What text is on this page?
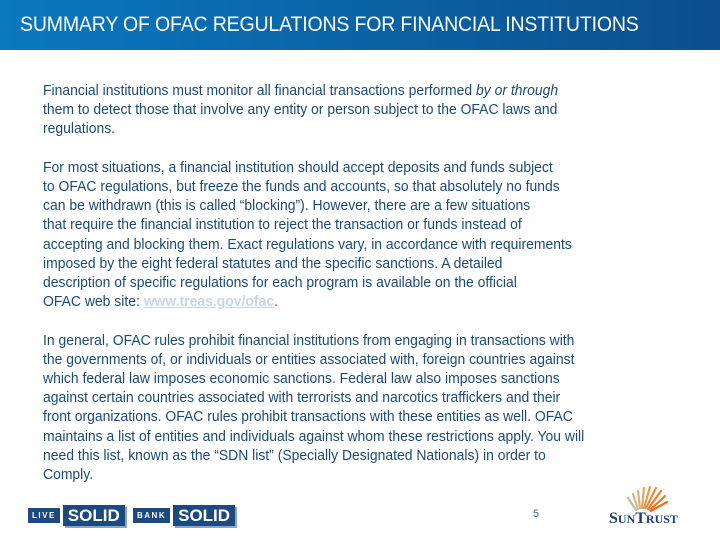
SUMMARY OF OFAC REGULATIONS FOR FINANCIAL INSTITUTIONS

Financial institutions must monitor all financial transactions performed by or through
them to detect those that involve any entity or person subject to the OFAC laws and
regulations.

For most situations, a financial institution should accept deposits and funds subject
to OFAC regulations, but freeze the funds and accounts, so that absolutely no funds
can be withdrawn (this is called “blocking”). However, there are a few situations
that require the financial institution to reject the transaction or funds instead of
accepting and blocking them. Exact regulations vary, in accordance with requirements
imposed by the eight federal statutes and the specific sanctions. A detailed
description of specific regulations for each program is available on the official
OFAC web site: www.treas.gov/ofac.

In general, OFAC rules prohibit financial institutions from engaging in transactions with
the governments of, or individuals or entities associated with, foreign countries against
which federal law imposes economic sanctions. Federal law also imposes sanctions
against certain countries associated with terrorists and narcotics traffickers and their
front organizations. OFAC rules prohibit transactions with these entities as well. OFAC
maintains a list of entities and individuals against whom these restrictions apply. You will
need this list, known as the “SDN list” (Specially Designated Nationals) in order to
Comply.

LIVE SOLID	BANK SOLID	5	SUNTRUST
